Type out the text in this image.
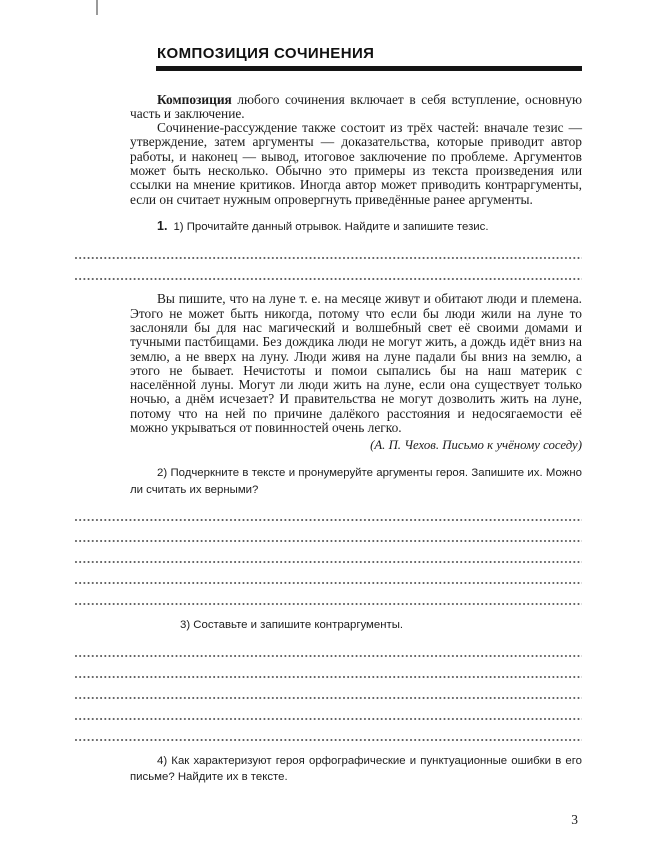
КОМПОЗИЦИЯ СОЧИНЕНИЯ

Композиция любого сочинения включает в себя вступление, основную часть и заключение.

Сочинение-рассуждение также состоит из трёх частей: вначале тезис — утверждение, затем аргументы — доказательства, которые приводит автор работы, и наконец — вывод, итоговое заключение по проблеме. Аргументов может быть несколько. Обычно это примеры из текста произведения или ссылки на мнение критиков. Иногда автор может приводить контраргументы, если он считает нужным опровергнуть приведённые ранее аргументы.

1. 1) Прочитайте данный отрывок. Найдите и запишите тезис.

Вы пишите, что на луне т. е. на месяце живут и обитают люди и племена. Этого не может быть никогда, потому что если бы люди жили на луне то заслоняли бы для нас магический и волшебный свет её своими домами и тучными пастбищами. Без дождика люди не могут жить, а дождь идёт вниз на землю, а не вверх на луну. Люди живя на луне падали бы вниз на землю, а этого не бывает. Нечистоты и помои сыпались бы на наш материк с населённой луны. Могут ли люди жить на луне, если она существует только ночью, а днём исчезает? И правительства не могут дозволить жить на луне, потому что на ней по причине далёкого расстояния и недосягаемости её можно укрываться от повинностей очень легко.

(А. П. Чехов. Письмо к учёному соседу)

2) Подчеркните в тексте и пронумеруйте аргументы героя. Запишите их. Можно ли считать их верными?

3) Составьте и запишите контраргументы.

4) Как характеризуют героя орфографические и пунктуационные ошибки в его письме? Найдите их в тексте.

3
